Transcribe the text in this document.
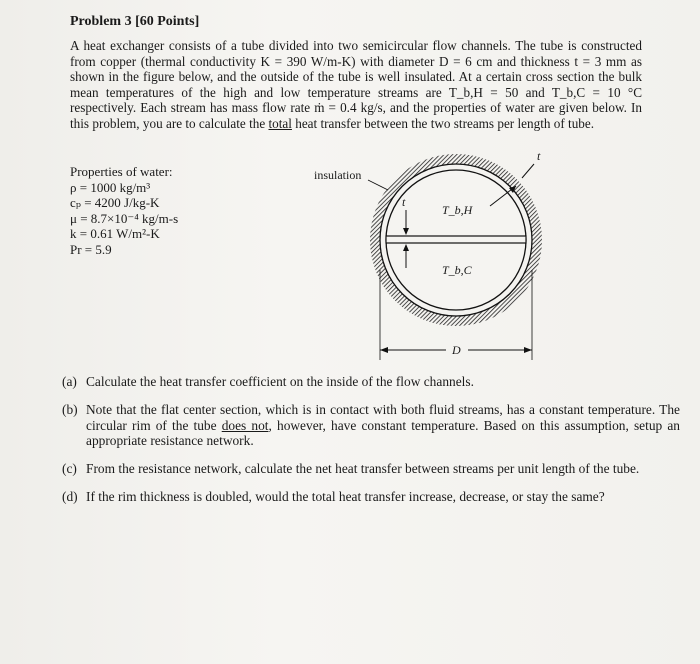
Problem 3 [60 Points]
A heat exchanger consists of a tube divided into two semicircular flow channels. The tube is constructed from copper (thermal conductivity K = 390 W/m-K) with diameter D = 6 cm and thickness t = 3 mm as shown in the figure below, and the outside of the tube is well insulated. At a certain cross section the bulk mean temperatures of the high and low temperature streams are T_b,H = 50 and T_b,C = 10 °C respectively. Each stream has mass flow rate ṁ = 0.4 kg/s, and the properties of water are given below. In this problem, you are to calculate the total heat transfer between the two streams per length of tube.
Properties of water:
ρ = 1000 kg/m³
cₚ = 4200 J/kg-K
μ = 8.7×10⁻⁴ kg/m-s
k = 0.61 W/m²-K
Pr = 5.9
insulation
t
t
T_b,H
T_b,C
D
(a) Calculate the heat transfer coefficient on the inside of the flow channels.
(b) Note that the flat center section, which is in contact with both fluid streams, has a constant temperature. The circular rim of the tube does not, however, have constant temperature. Based on this assumption, setup an appropriate resistance network.
(c) From the resistance network, calculate the net heat transfer between streams per unit length of the tube.
(d) If the rim thickness is doubled, would the total heat transfer increase, decrease, or stay the same?
